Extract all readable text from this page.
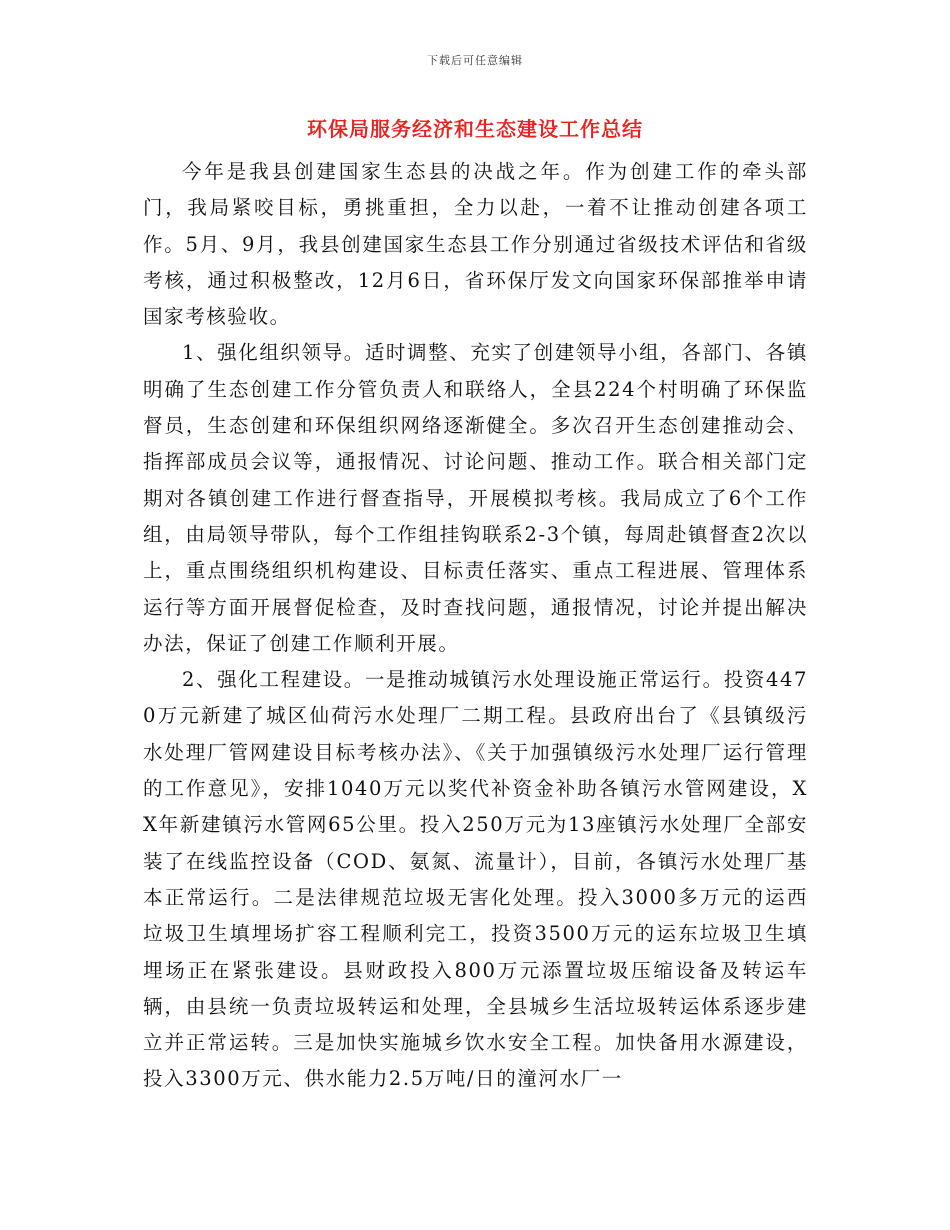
下载后可任意编辑
环保局服务经济和生态建设工作总结

今年是我县创建国家生态县的决战之年。作为创建工作的牵头部门，我局紧咬目标，勇挑重担，全力以赴，一着不让推动创建各项工作。5月、9月，我县创建国家生态县工作分别通过省级技术评估和省级考核，通过积极整改，12月6日，省环保厅发文向国家环保部推举申请国家考核验收。

1、强化组织领导。适时调整、充实了创建领导小组，各部门、各镇明确了生态创建工作分管负责人和联络人，全县224个村明确了环保监督员，生态创建和环保组织网络逐渐健全。多次召开生态创建推动会、指挥部成员会议等，通报情况、讨论问题、推动工作。联合相关部门定期对各镇创建工作进行督查指导，开展模拟考核。我局成立了6个工作组，由局领导带队，每个工作组挂钩联系2-3个镇，每周赴镇督查2次以上，重点围绕组织机构建设、目标责任落实、重点工程进展、管理体系运行等方面开展督促检查，及时查找问题，通报情况，讨论并提出解决办法，保证了创建工作顺利开展。

2、强化工程建设。一是推动城镇污水处理设施正常运行。投资4470万元新建了城区仙荷污水处理厂二期工程。县政府出台了《县镇级污水处理厂管网建设目标考核办法》、《关于加强镇级污水处理厂运行管理的工作意见》，安排1040万元以奖代补资金补助各镇污水管网建设，XX年新建镇污水管网65公里。投入250万元为13座镇污水处理厂全部安装了在线监控设备（COD、氨氮、流量计），目前，各镇污水处理厂基本正常运行。二是法律规范垃圾无害化处理。投入3000多万元的运西垃圾卫生填埋场扩容工程顺利完工，投资3500万元的运东垃圾卫生填埋场正在紧张建设。县财政投入800万元添置垃圾压缩设备及转运车辆，由县统一负责垃圾转运和处理，全县城乡生活垃圾转运体系逐步建立并正常运转。三是加快实施城乡饮水安全工程。加快备用水源建设，投入3300万元、供水能力2.5万吨/日的潼河水厂一
